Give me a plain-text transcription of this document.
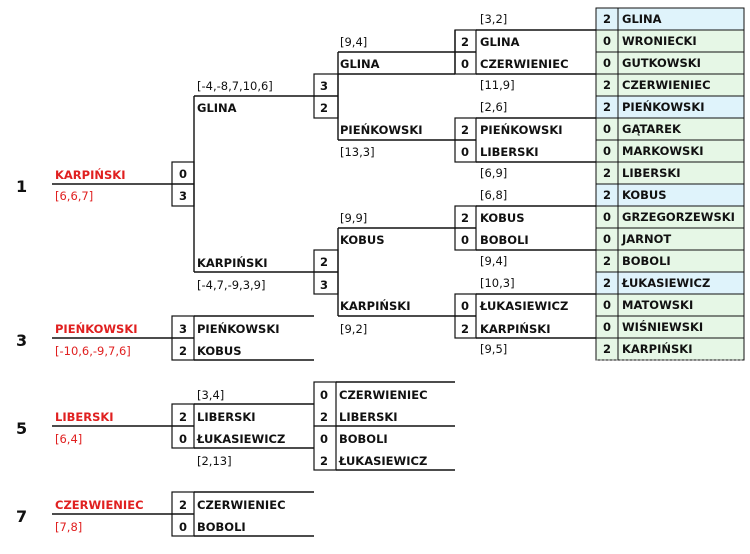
2 GLINA
[3,2]
0 WRONIECKI
0 GUTKOWSKI
2 CZERWIENIEC
[11,9]
2 PIEŃKOWSKI
[2,6]
0 GĄTAREK
0 MARKOWSKI
2 LIBERSKI
[6,9]
2 KOBUS
[6,8]
0 GRZEGORZEWSKI
0 JARNOT
2 BOBOLI
[9,4]
2 ŁUKASIEWICZ
[10,3]
0 MATOWSKI
0 WIŚNIEWSKI
2 KARPIŃSKI
[9,5]
1
3
5
7
KARPIŃSKI
[6,6,7]
0
3
[-4,-8,7,10,6]
GLINA
KARPIŃSKI
[-4,7,-9,3,9]
3
2
2
3
[9,4]
GLINA
PIEŃKOWSKI
[13,3]
[9,9]
KOBUS
KARPIŃSKI
[9,2]
2 GLINA
0 CZERWIENIEC
2 PIEŃKOWSKI
0 LIBERSKI
2 KOBUS
0 BOBOLI
0 ŁUKASIEWICZ
2 KARPIŃSKI
PIEŃKOWSKI
[-10,6,-9,7,6]
3 PIEŃKOWSKI
2 KOBUS
LIBERSKI
[6,4]
[3,4]
2 LIBERSKI
0 ŁUKASIEWICZ
[2,13]
0 CZERWIENIEC
2 LIBERSKI
0 BOBOLI
2 ŁUKASIEWICZ
CZERWIENIEC
[7,8]
2 CZERWIENIEC
0 BOBOLI
